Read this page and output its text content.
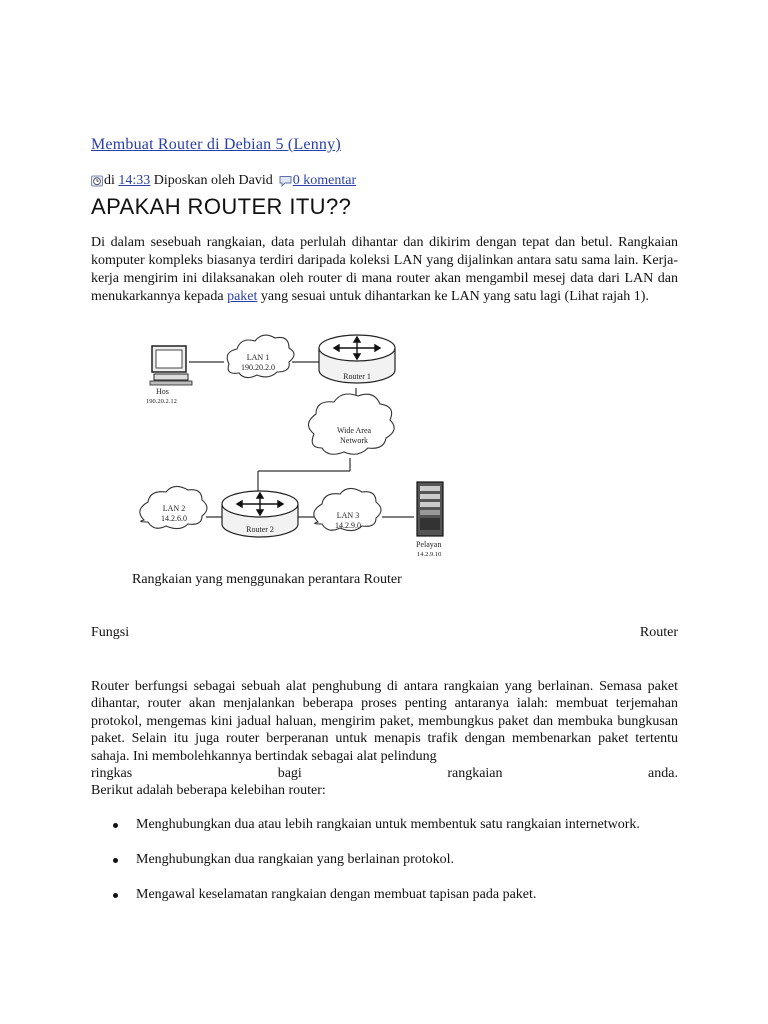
Membuat Router di Debian 5 (Lenny)
di
14:33
Diposkan oleh David 0 komentar
APAKAH ROUTER ITU??
Di dalam sesebuah rangkaian, data perlulah dihantar dan dikirim dengan tepat dan betul. Rangkaian komputer kompleks biasanya terdiri daripada koleksi LAN yang dijalinkan antara satu sama lain. Kerja-kerja mengirim ini dilaksanakan oleh router di mana router akan mengambil mesej data dari LAN dan menukarkannya kepada paket yang sesuai untuk dihantarkan ke LAN yang satu lagi (Lihat rajah 1).
Hos
190.20.2.12
LAN 1
190.20.2.0
Router 1
Wide Area
Network
LAN 2
14.2.6.0
Router 2
LAN 3
14.2.9.0
Pelayan
14.2.9.10
Rangkaian yang menggunakan perantara Router
Fungsi	Router
Router berfungsi sebagai sebuah alat penghubung di antara rangkaian yang berlainan. Semasa paket dihantar, router akan menjalankan beberapa proses penting antaranya ialah: membuat terjemahan protokol, mengemas kini jadual haluan, mengirim paket, membungkus paket dan membuka bungkusan paket. Selain itu juga router berperanan untuk menapis trafik dengan membenarkan paket tertentu sahaja. Ini membolehkannya bertindak sebagai alat pelindung
ringkas	bagi	rangkaian	anda.
Berikut adalah beberapa kelebihan router:
Menghubungkan dua atau lebih rangkaian untuk membentuk satu rangkaian internetwork.
Menghubungkan dua rangkaian yang berlainan protokol.
Mengawal keselamatan rangkaian dengan membuat tapisan pada paket.
